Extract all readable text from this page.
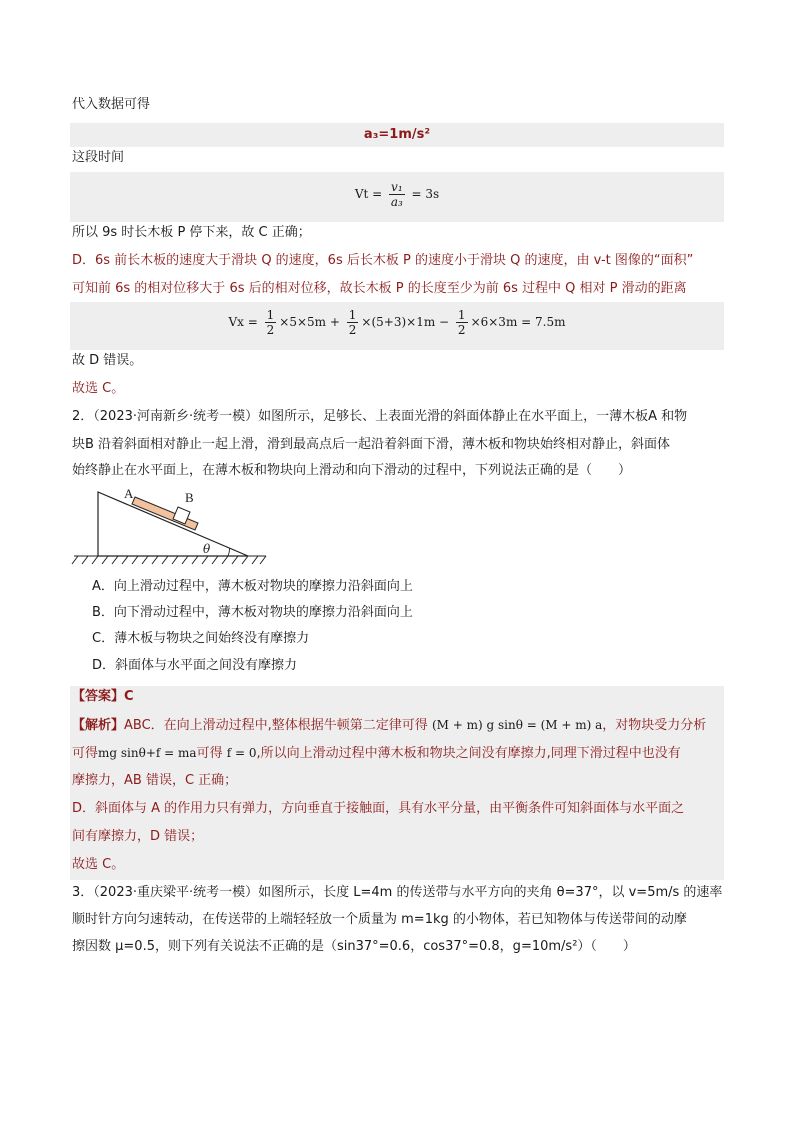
代入数据可得
a₃=1m/s²
这段时间
$Vt = \frac{\text{v₁}}{\text{a₃}} = 3s$
所以 9s 时长木板 P 停下来，故 C 正确；
D．6s 前长木板的速度大于滑块 Q 的速度，6s 后长木板 P 的速度小于滑块 Q 的速度，由 v-t 图像的“面积”
可知前 6s 的相对位移大于 6s 后的相对位移，故长木板 P 的长度至少为前 6s 过程中 Q 相对 P 滑动的距离
$Vx = \frac{1}{2} \times 5\times 5m + \frac{1}{2} \times(5+3)\times 1m - \frac{1}{2} \times 6\times 3m = 7.5m$
故 D 错误。
故选 C。
2．（2023·河南新乡·统考一模）如图所示，足够长、上表面光滑的斜面体静止在水平面上，一薄木板A 和物
块B 沿着斜面相对静止一起上滑，滑到最高点后一起沿着斜面下滑，薄木板和物块始终相对静止，斜面体
始终静止在水平面上，在薄木板和物块向上滑动和向下滑动的过程中，下列说法正确的是（　　）
A	B
θ
A．向上滑动过程中，薄木板对物块的摩擦力沿斜面向上
B．向下滑动过程中，薄木板对物块的摩擦力沿斜面向上
C．薄木板与物块之间始终没有摩擦力
D．斜面体与水平面之间没有摩擦力
【答案】C
【解析】ABC．在向上滑动过程中,整体根据牛顿第二定律可得 (M + m) g sinθ = (M + m) a，对物块受力分析
可得mg sinθ+f = ma可得 f = 0,所以向上滑动过程中薄木板和物块之间没有摩擦力,同理下滑过程中也没有
摩擦力，AB 错误，C 正确；
D．斜面体与 A 的作用力只有弹力，方向垂直于接触面，具有水平分量，由平衡条件可知斜面体与水平面之
间有摩擦力，D 错误；
故选 C。
3．（2023·重庆梁平·统考一模）如图所示，长度 L=4m 的传送带与水平方向的夹角 θ=37°，以 v=5m/s 的速率
顺时针方向匀速转动，在传送带的上端轻轻放一个质量为 m=1kg 的小物体，若已知物体与传送带间的动摩
擦因数 μ=0.5，则下列有关说法不正确的是（sin37°=0.6，cos37°=0.8，g=10m/s²）（　　）
